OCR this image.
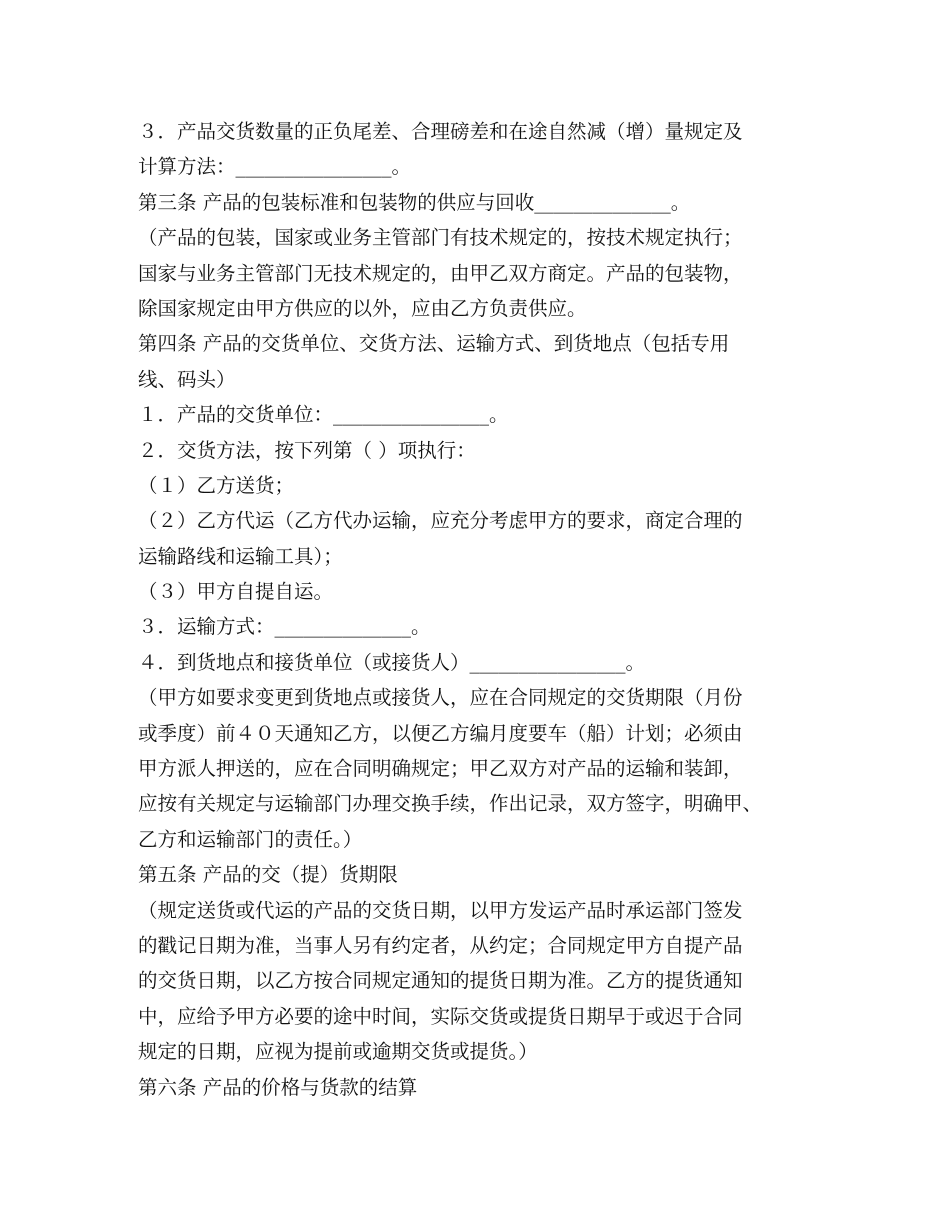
３．产品交货数量的正负尾差、合理磅差和在途自然减（增）量规定及
计算方法：________________。
第三条 产品的包装标准和包装物的供应与回收______________。
（产品的包装，国家或业务主管部门有技术规定的，按技术规定执行；
国家与业务主管部门无技术规定的，由甲乙双方商定。产品的包装物，
除国家规定由甲方供应的以外，应由乙方负责供应。
第四条 产品的交货单位、交货方法、运输方式、到货地点（包括专用
线、码头）
１．产品的交货单位：________________。
２．交货方法，按下列第（ ）项执行：
（１）乙方送货；
（２）乙方代运（乙方代办运输，应充分考虑甲方的要求，商定合理的
运输路线和运输工具）；
（３）甲方自提自运。
３．运输方式：______________。
４．到货地点和接货单位（或接货人）________________。
（甲方如要求变更到货地点或接货人，应在合同规定的交货期限（月份
或季度）前４０天通知乙方，以便乙方编月度要车（船）计划；必须由
甲方派人押送的，应在合同明确规定；甲乙双方对产品的运输和装卸，
应按有关规定与运输部门办理交换手续，作出记录，双方签字，明确甲、
乙方和运输部门的责任。）
第五条 产品的交（提）货期限
（规定送货或代运的产品的交货日期，以甲方发运产品时承运部门签发
的戳记日期为准，当事人另有约定者，从约定；合同规定甲方自提产品
的交货日期，以乙方按合同规定通知的提货日期为准。乙方的提货通知
中，应给予甲方必要的途中时间，实际交货或提货日期早于或迟于合同
规定的日期，应视为提前或逾期交货或提货。）
第六条 产品的价格与货款的结算
